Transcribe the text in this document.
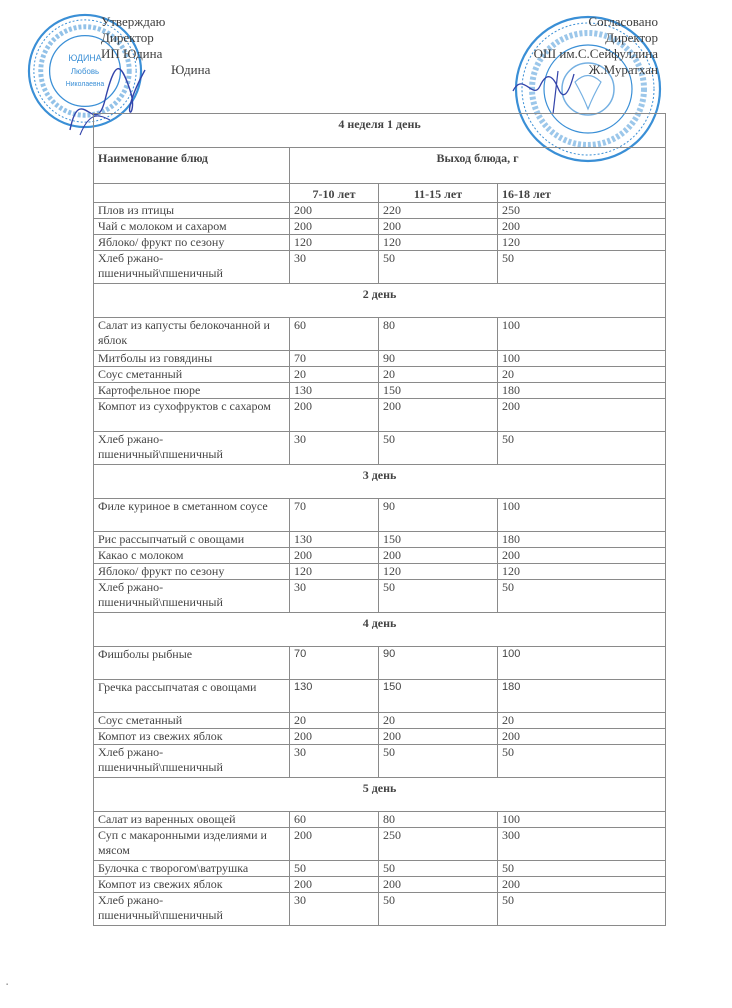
ЮДИНА
Любовь
Николаевна
Утверждаю
Директор
ИП Юдина
Юдина
Согласовано
Директор
ОШ им.С.Сейфуллина
Ж.Муратхан
4 неделя 1 день			
Наименование блюд	Выход блюда, г		
	7-10 лет	11-15 лет	16-18 лет
Плов из птицы	200	220	250
Чай с молоком и сахаром	200	200	200
Яблоко/ фрукт по сезону	120	120	120
Хлеб ржано-пшеничный\пшеничный	30	50	50
2 день			
Салат из капусты белокочанной и яблок	60	80	100
Митболы из говядины	70	90	100
Соус сметанный	20	20	20
Картофельное пюре	130	150	180
Компот из сухофруктов с сахаром	200	200	200
Хлеб ржано-пшеничный\пшеничный	30	50	50
3 день			
Филе куриное в сметанном соусе	70	90	100
Рис рассыпчатый с овощами	130	150	180
Какао с молоком	200	200	200
Яблоко/ фрукт по сезону	120	120	120
Хлеб ржано-пшеничный\пшеничный	30	50	50
4 день			
Фишболы рыбные	70	90	100
Гречка рассыпчатая с овощами	130	150	180
Соус сметанный	20	20	20
Компот из свежих яблок	200	200	200
Хлеб ржано-пшеничный\пшеничный	30	50	50
5 день			
Салат из варенных овощей	60	80	100
Суп с макаронными изделиями и мясом	200	250	300
Булочка с творогом\ватрушка	50	50	50
Компот из свежих яблок	200	200	200
Хлеб ржано-пшеничный\пшеничный	30	50	50
▪
